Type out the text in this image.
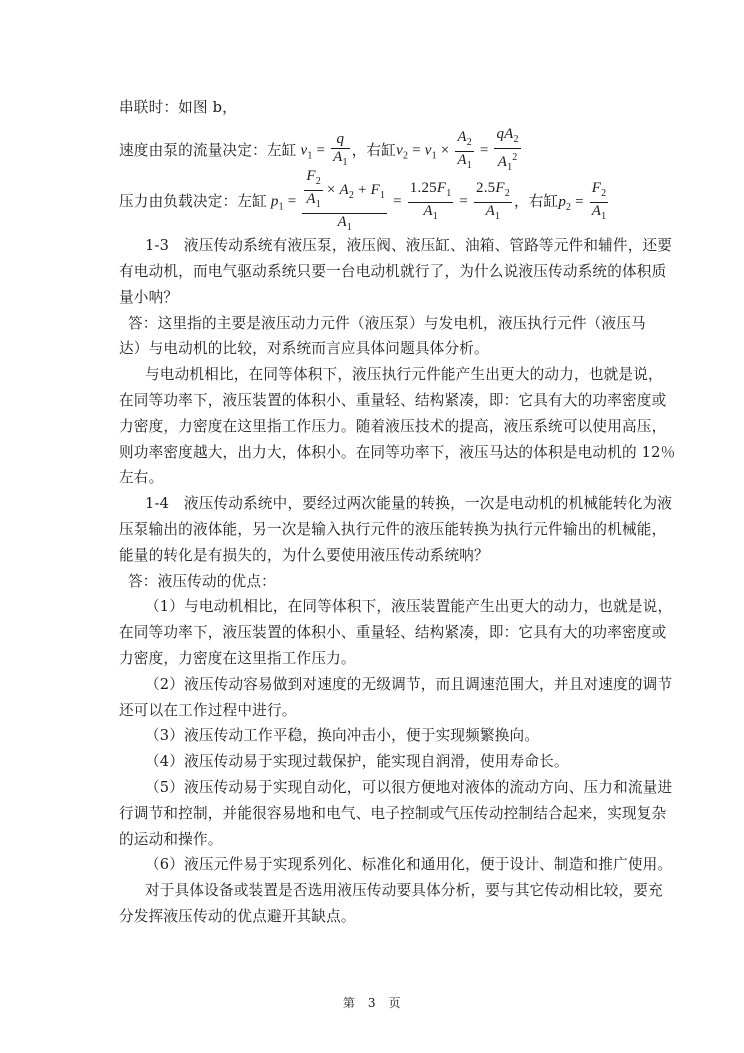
串联时：如图 b，
速度由泵的流量决定：左缸 $v_1 = \frac{q}{A_1}$ ，右缸 $v_2 = v_1 \times \frac{A_2}{A_1} = \frac{qA_2}{A_1^2}$
压力由负载决定：左缸 $p_1 = \frac{\frac{F_2}{A_1} \times A_2 + F_1}{A_1} = \frac{1.25F_1}{A_1} = \frac{2.5F_2}{A_1}$ ，右缸 $p_2 = \frac{F_2}{A_1}$
1-3　液压传动系统有液压泵，液压阀、液压缸、油箱、管路等元件和辅件，还要
有电动机，而电气驱动系统只要一台电动机就行了，为什么说液压传动系统的体积质
量小呐？
答：这里指的主要是液压动力元件（液压泵）与发电机，液压执行元件（液压马
达）与电动机的比较，对系统而言应具体问题具体分析。
与电动机相比，在同等体积下，液压执行元件能产生出更大的动力，也就是说，
在同等功率下，液压装置的体积小、重量轻、结构紧凑，即：它具有大的功率密度或
力密度，力密度在这里指工作压力。随着液压技术的提高，液压系统可以使用高压，
则功率密度越大，出力大，体积小。在同等功率下，液压马达的体积是电动机的 12％
左右。
1-4　液压传动系统中，要经过两次能量的转换，一次是电动机的机械能转化为液
压泵输出的液体能，另一次是输入执行元件的液压能转换为执行元件输出的机械能，
能量的转化是有损失的，为什么要使用液压传动系统呐？
答：液压传动的优点：
（1）与电动机相比，在同等体积下，液压装置能产生出更大的动力，也就是说，
在同等功率下，液压装置的体积小、重量轻、结构紧凑，即：它具有大的功率密度或
力密度，力密度在这里指工作压力。
（2）液压传动容易做到对速度的无级调节，而且调速范围大，并且对速度的调节
还可以在工作过程中进行。
（3）液压传动工作平稳，换向冲击小，便于实现频繁换向。
（4）液压传动易于实现过载保护，能实现自润滑，使用寿命长。
（5）液压传动易于实现自动化，可以很方便地对液体的流动方向、压力和流量进
行调节和控制，并能很容易地和电气、电子控制或气压传动控制结合起来，实现复杂
的运动和操作。
（6）液压元件易于实现系列化、标准化和通用化，便于设计、制造和推广使用。
对于具体设备或装置是否选用液压传动要具体分析，要与其它传动相比较，要充
分发挥液压传动的优点避开其缺点。
第　3　页
